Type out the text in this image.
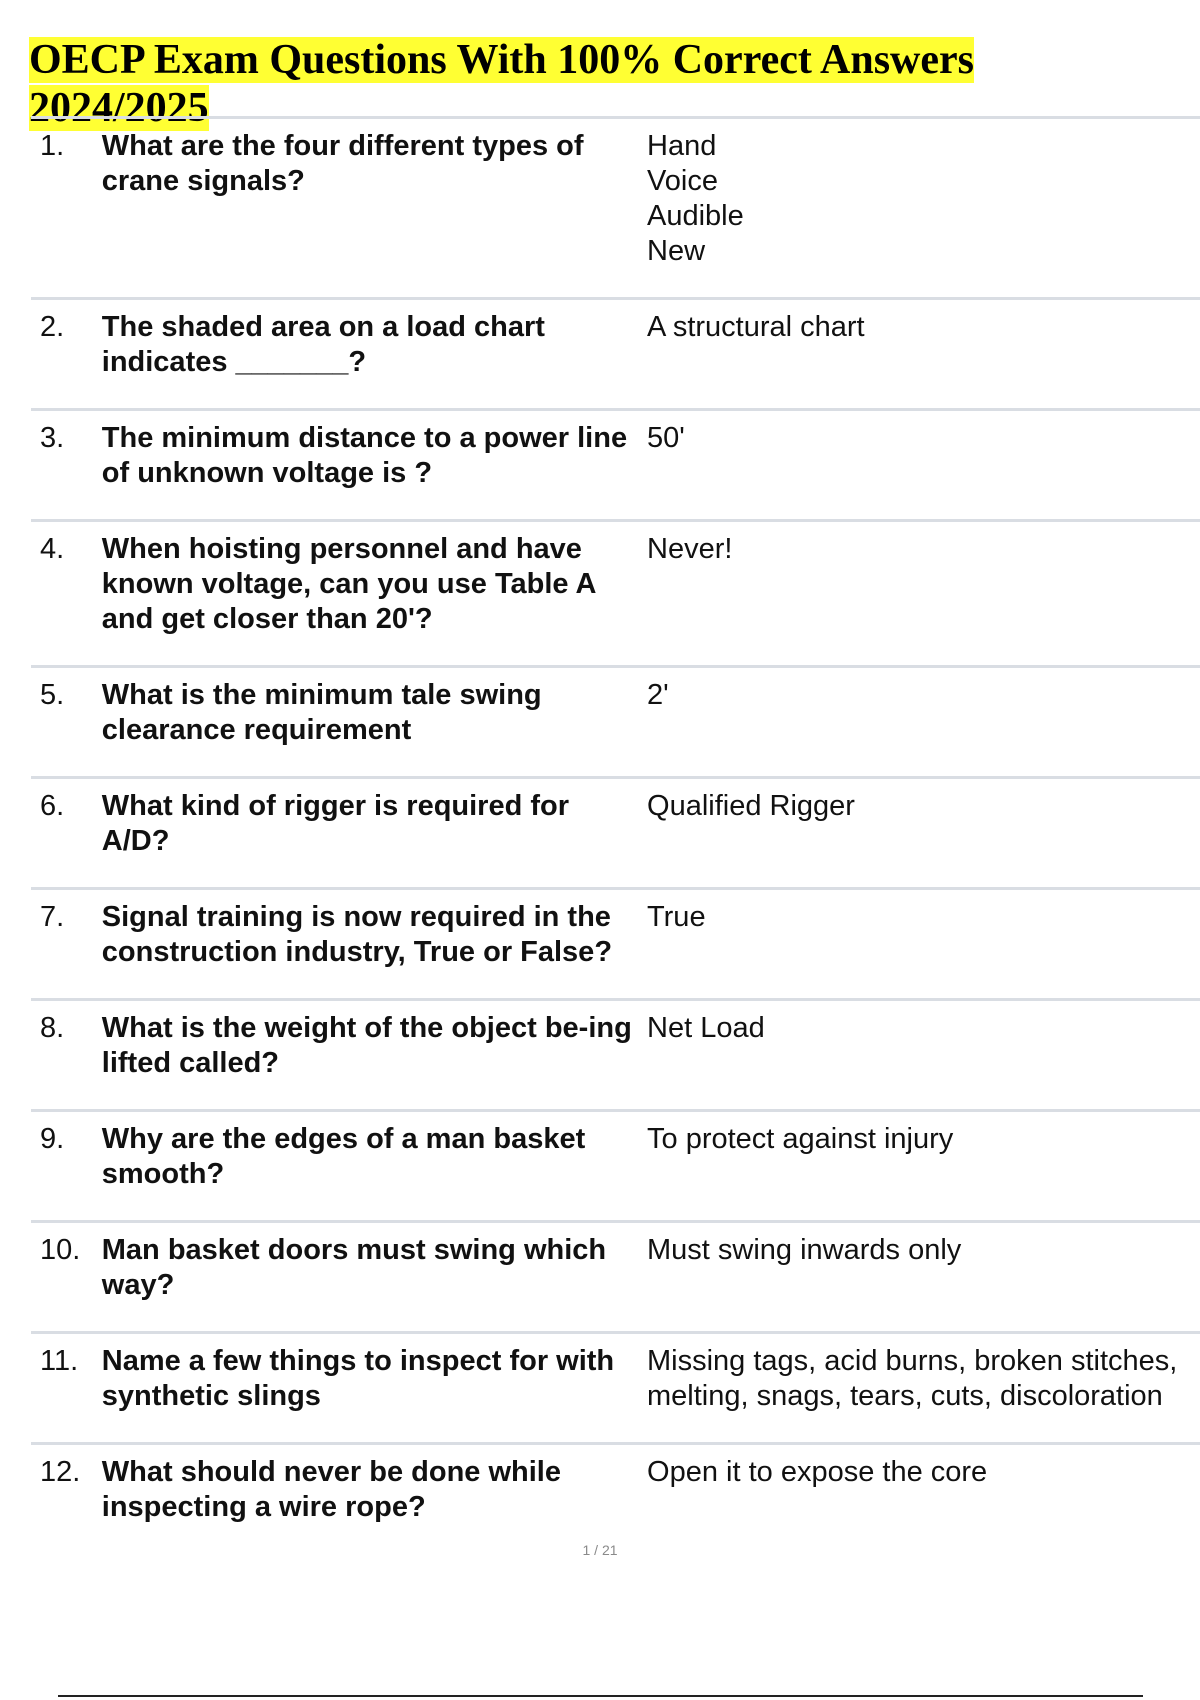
OECP Exam Questions With 100% Correct Answers
2024/2025
1.	What are the four different types of crane signals?	Hand
Voice
Audible
New

2.	The shaded area on a load chart indicates _______?	A structural chart

3.	The minimum distance to a power line of unknown voltage is ?	50'

4.	When hoisting personnel and have known voltage, can you use Table A and get closer than 20'?	Never!

5.	What is the minimum tale swing clearance requirement	2'

6.	What kind of rigger is required for A/D?	Qualified Rigger

7.	Signal training is now required in the construction industry, True or False?	True

8.	What is the weight of the object be-ing lifted called?	Net Load

9.	Why are the edges of a man basket smooth?	To protect against injury

10.	Man basket doors must swing which way?	Must swing inwards only

11.	Name a few things to inspect for with synthetic slings	Missing tags, acid burns, broken stitches, melting, snags, tears, cuts, discoloration

12.	What should never be done while inspecting a wire rope?	Open it to expose the core
1 / 21
